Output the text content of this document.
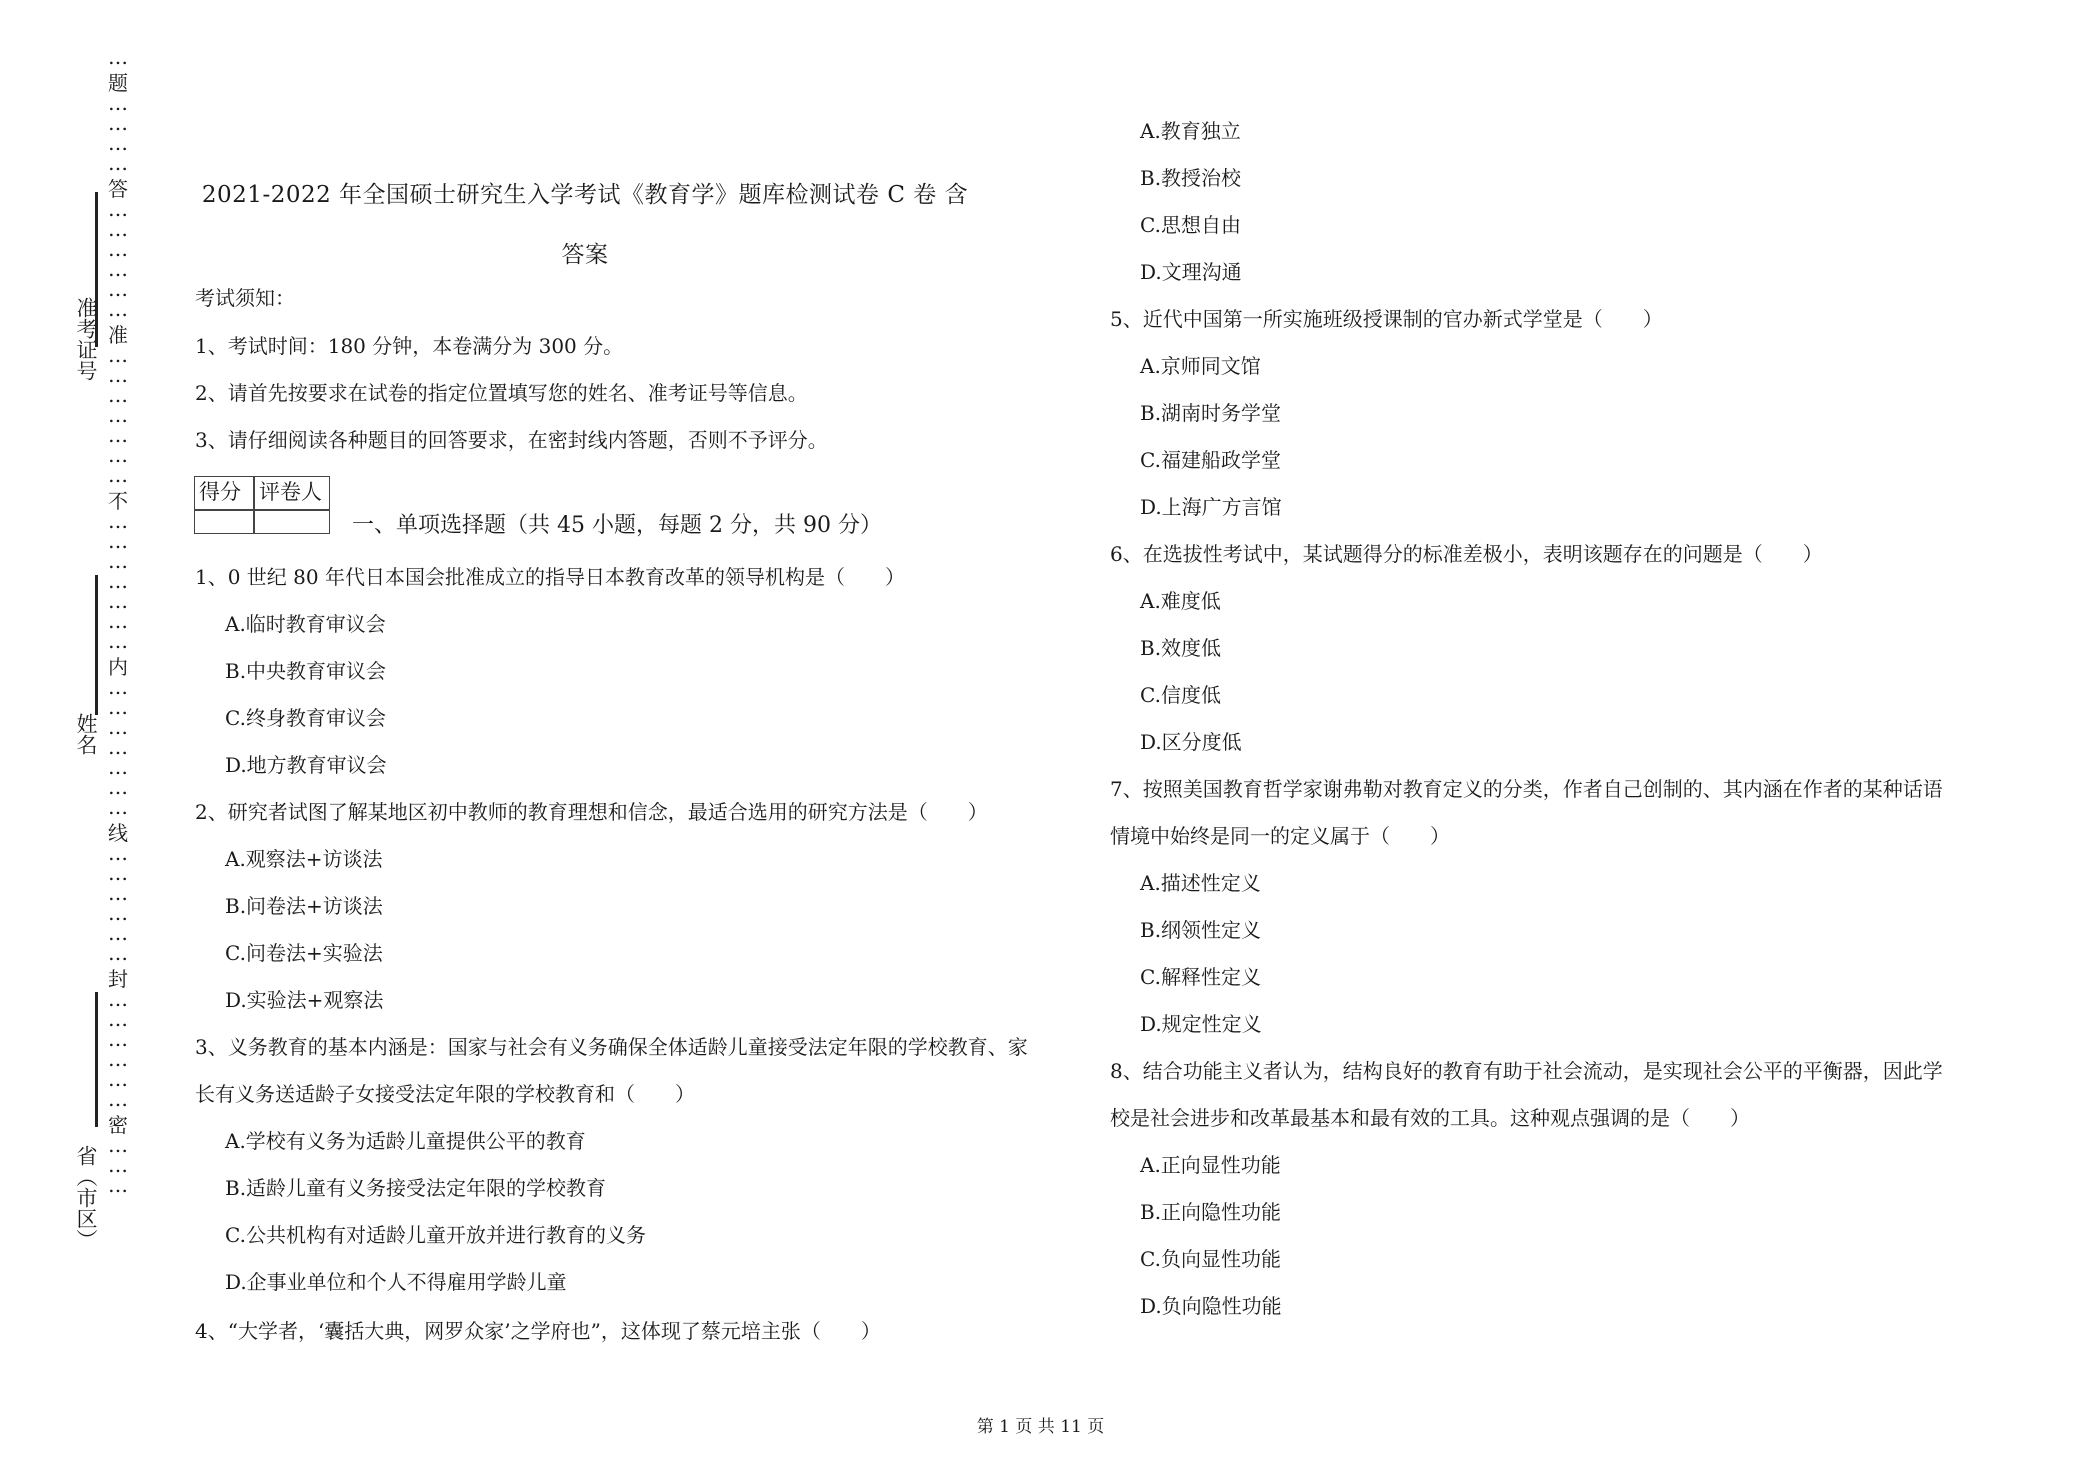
准考证号
姓名
省（市区）
…
题
…
…
…
…
答
…
…
…
…
…
…
准
…
…
…
…
…
…
…
不
…
…
…
…
…
…
…
内
…
…
…
…
…
…
…
线
…
…
…
…
…
…
封
…
…
…
…
…
…
密
…
…
…
2021-2022 年全国硕士研究生入学考试《教育学》题库检测试卷 C 卷 含
答案
考试须知：
1、考试时间：180 分钟，本卷满分为 300 分。
2、请首先按要求在试卷的指定位置填写您的姓名、准考证号等信息。
3、请仔细阅读各种题目的回答要求，在密封线内答题，否则不予评分。
得分 评卷人
一、单项选择题（共 45 小题，每题 2 分，共 90 分）
1、0 世纪 80 年代日本国会批准成立的指导日本教育改革的领导机构是（　　）
A.临时教育审议会
B.中央教育审议会
C.终身教育审议会
D.地方教育审议会
2、研究者试图了解某地区初中教师的教育理想和信念，最适合选用的研究方法是（　　）
A.观察法+访谈法
B.问卷法+访谈法
C.问卷法+实验法
D.实验法+观察法
3、义务教育的基本内涵是：国家与社会有义务确保全体适龄儿童接受法定年限的学校教育、家
长有义务送适龄子女接受法定年限的学校教育和（　　）
A.学校有义务为适龄儿童提供公平的教育
B.适龄儿童有义务接受法定年限的学校教育
C.公共机构有对适龄儿童开放并进行教育的义务
D.企事业单位和个人不得雇用学龄儿童
4、“大学者，‘囊括大典，网罗众家’之学府也”，这体现了蔡元培主张（　　）
A.教育独立
B.教授治校
C.思想自由
D.文理沟通
5、近代中国第一所实施班级授课制的官办新式学堂是（　　）
A.京师同文馆
B.湖南时务学堂
C.福建船政学堂
D.上海广方言馆
6、在选拔性考试中，某试题得分的标准差极小，表明该题存在的问题是（　　）
A.难度低
B.效度低
C.信度低
D.区分度低
7、按照美国教育哲学家谢弗勒对教育定义的分类，作者自己创制的、其内涵在作者的某种话语
情境中始终是同一的定义属于（　　）
A.描述性定义
B.纲领性定义
C.解释性定义
D.规定性定义
8、结合功能主义者认为，结构良好的教育有助于社会流动，是实现社会公平的平衡器，因此学
校是社会进步和改革最基本和最有效的工具。这种观点强调的是（　　）
A.正向显性功能
B.正向隐性功能
C.负向显性功能
D.负向隐性功能
第 1 页 共 11 页
